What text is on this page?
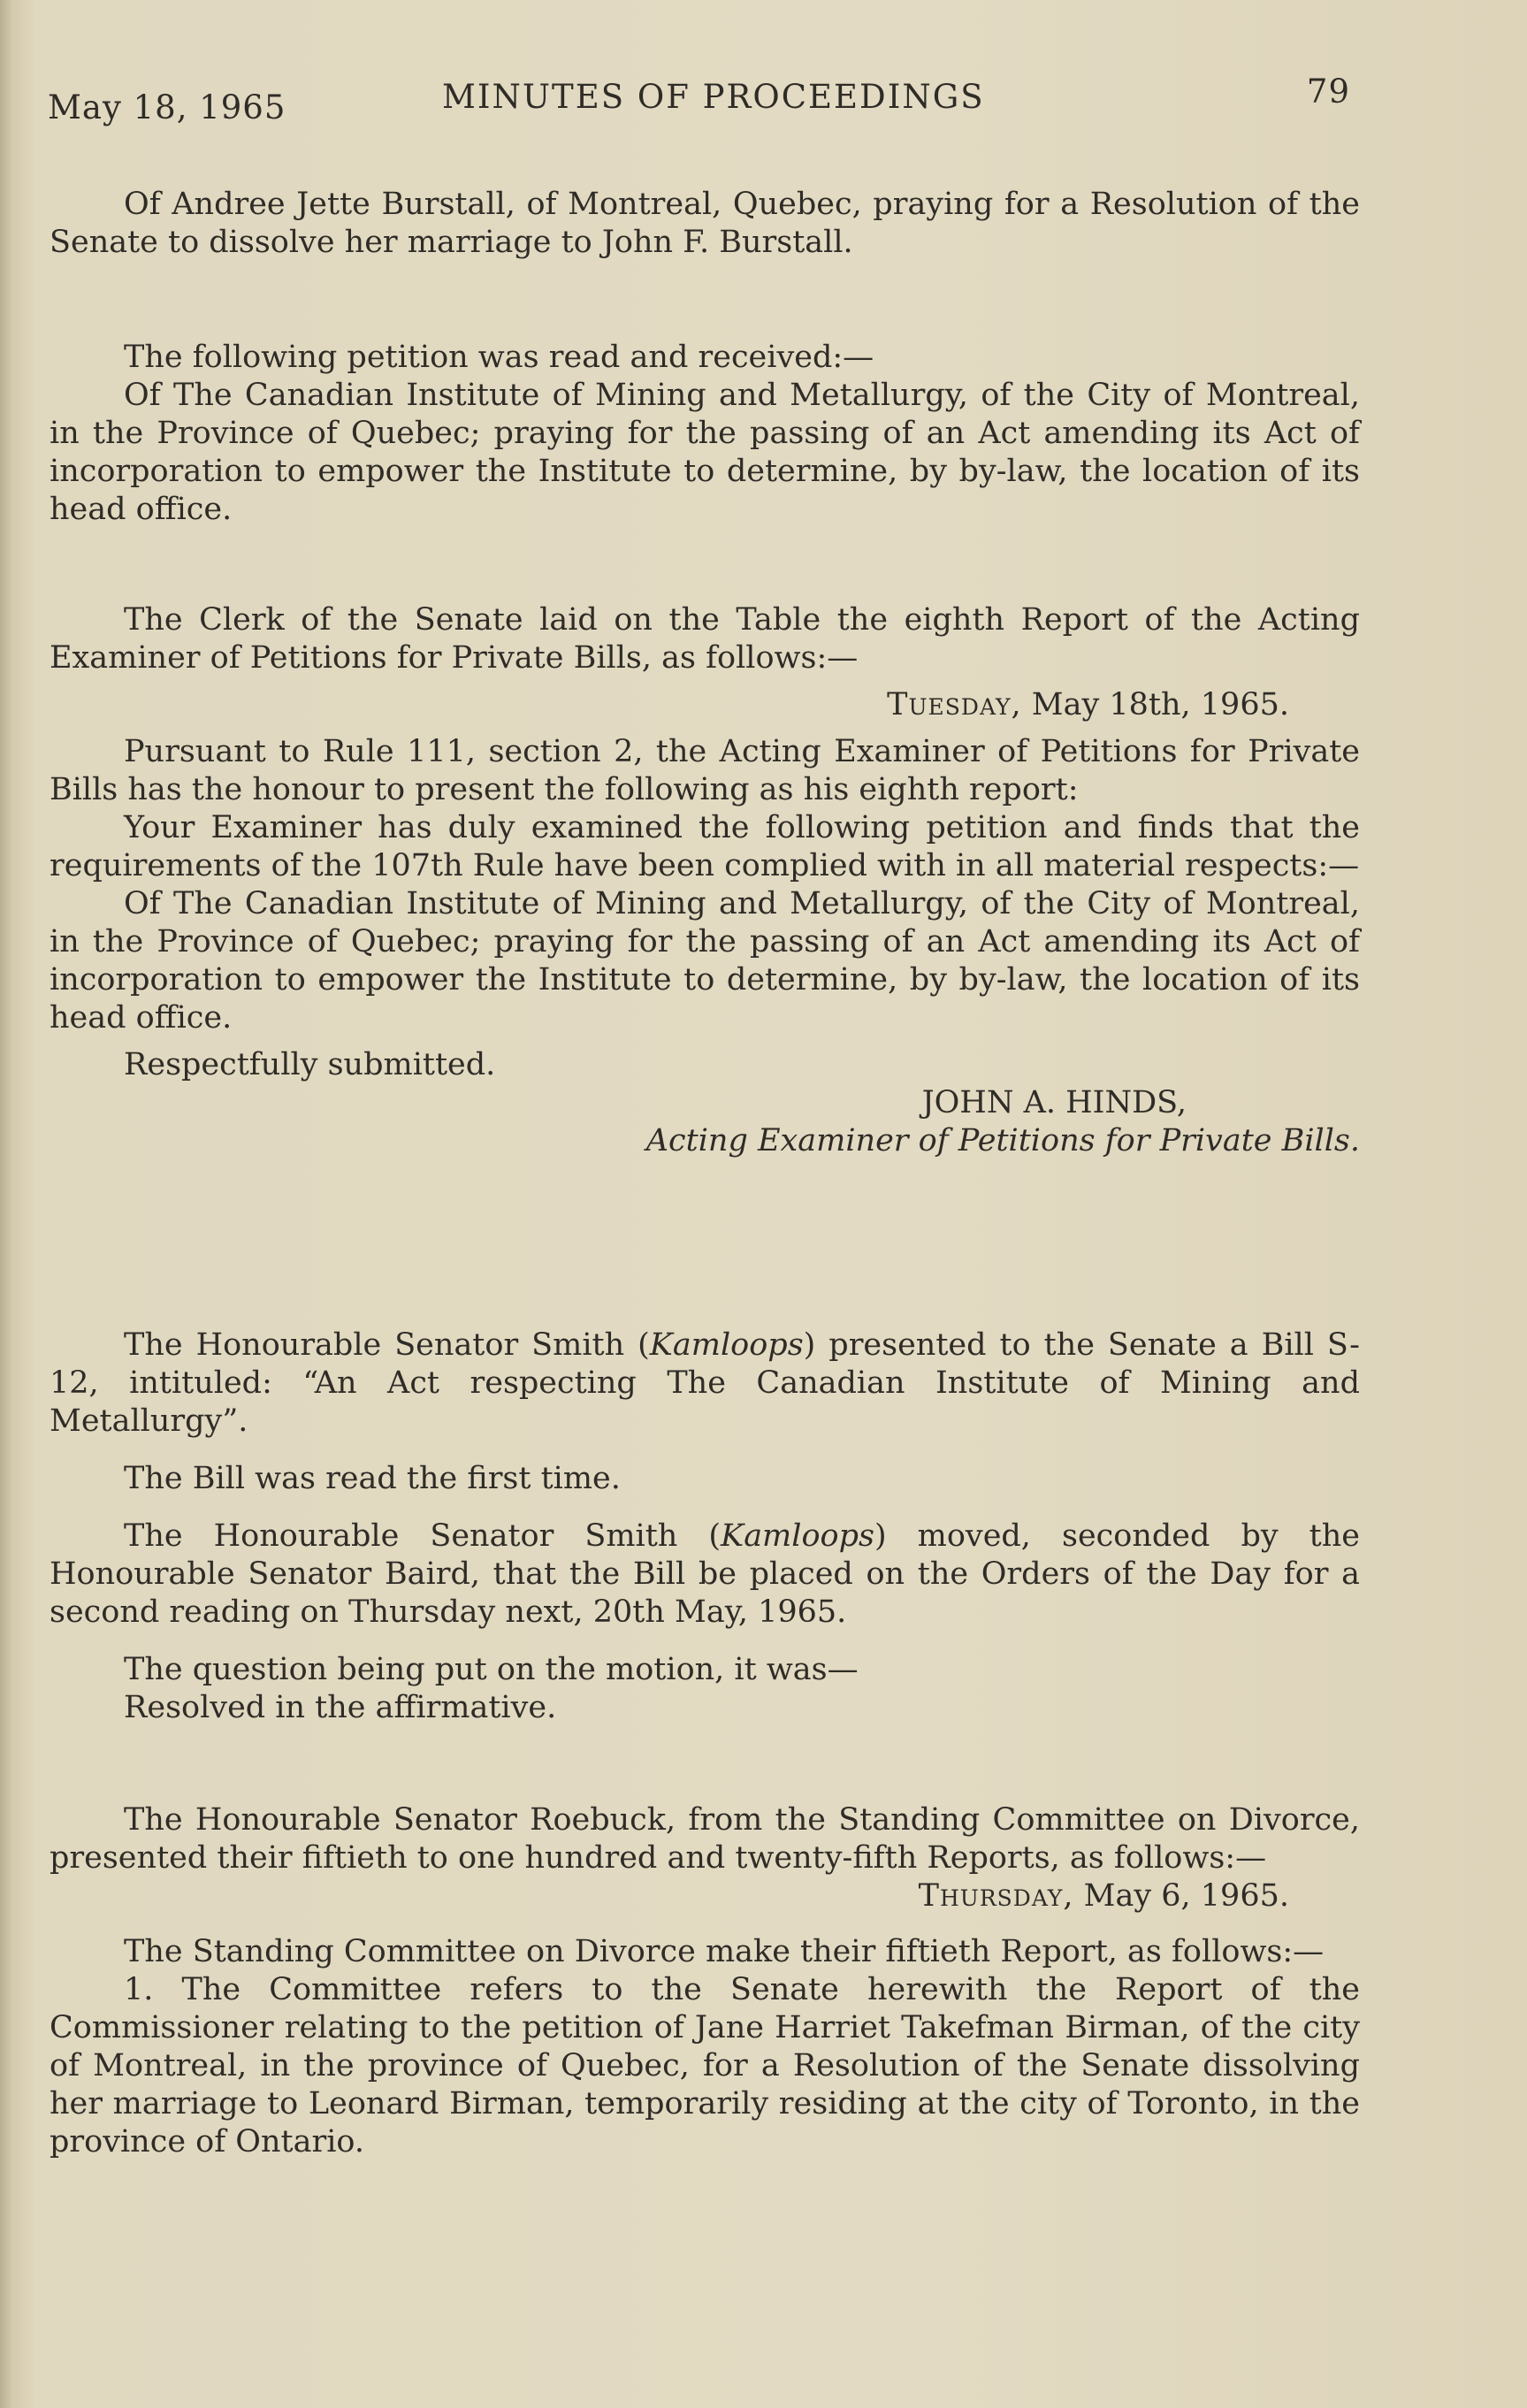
May 18, 1965	MINUTES OF PROCEEDINGS	79

Of Andree Jette Burstall, of Montreal, Quebec, praying for a Resolution of the Senate to dissolve her marriage to John F. Burstall.

The following petition was read and received:—

Of The Canadian Institute of Mining and Metallurgy, of the City of Montreal, in the Province of Quebec; praying for the passing of an Act amending its Act of incorporation to empower the Institute to determine, by by-law, the location of its head office.

The Clerk of the Senate laid on the Table the eighth Report of the Acting Examiner of Petitions for Private Bills, as follows:—

Tuesday, May 18th, 1965.

Pursuant to Rule 111, section 2, the Acting Examiner of Petitions for Private Bills has the honour to present the following as his eighth report:

Your Examiner has duly examined the following petition and finds that the requirements of the 107th Rule have been complied with in all material respects:—

Of The Canadian Institute of Mining and Metallurgy, of the City of Montreal, in the Province of Quebec; praying for the passing of an Act amending its Act of incorporation to empower the Institute to determine, by by-law, the location of its head office.

Respectfully submitted.

JOHN A. HINDS,

Acting Examiner of Petitions for Private Bills.

The Honourable Senator Smith (Kamloops) presented to the Senate a Bill S-12, intituled: “An Act respecting The Canadian Institute of Mining and Metallurgy”.

The Bill was read the first time.

The Honourable Senator Smith (Kamloops) moved, seconded by the Honourable Senator Baird, that the Bill be placed on the Orders of the Day for a second reading on Thursday next, 20th May, 1965.

The question being put on the motion, it was—

Resolved in the affirmative.

The Honourable Senator Roebuck, from the Standing Committee on Divorce, presented their fiftieth to one hundred and twenty-fifth Reports, as follows:—

Thursday, May 6, 1965.

The Standing Committee on Divorce make their fiftieth Report, as follows:—

1. The Committee refers to the Senate herewith the Report of the Commissioner relating to the petition of Jane Harriet Takefman Birman, of the city of Montreal, in the province of Quebec, for a Resolution of the Senate dissolving her marriage to Leonard Birman, temporarily residing at the city of Toronto, in the province of Ontario.
